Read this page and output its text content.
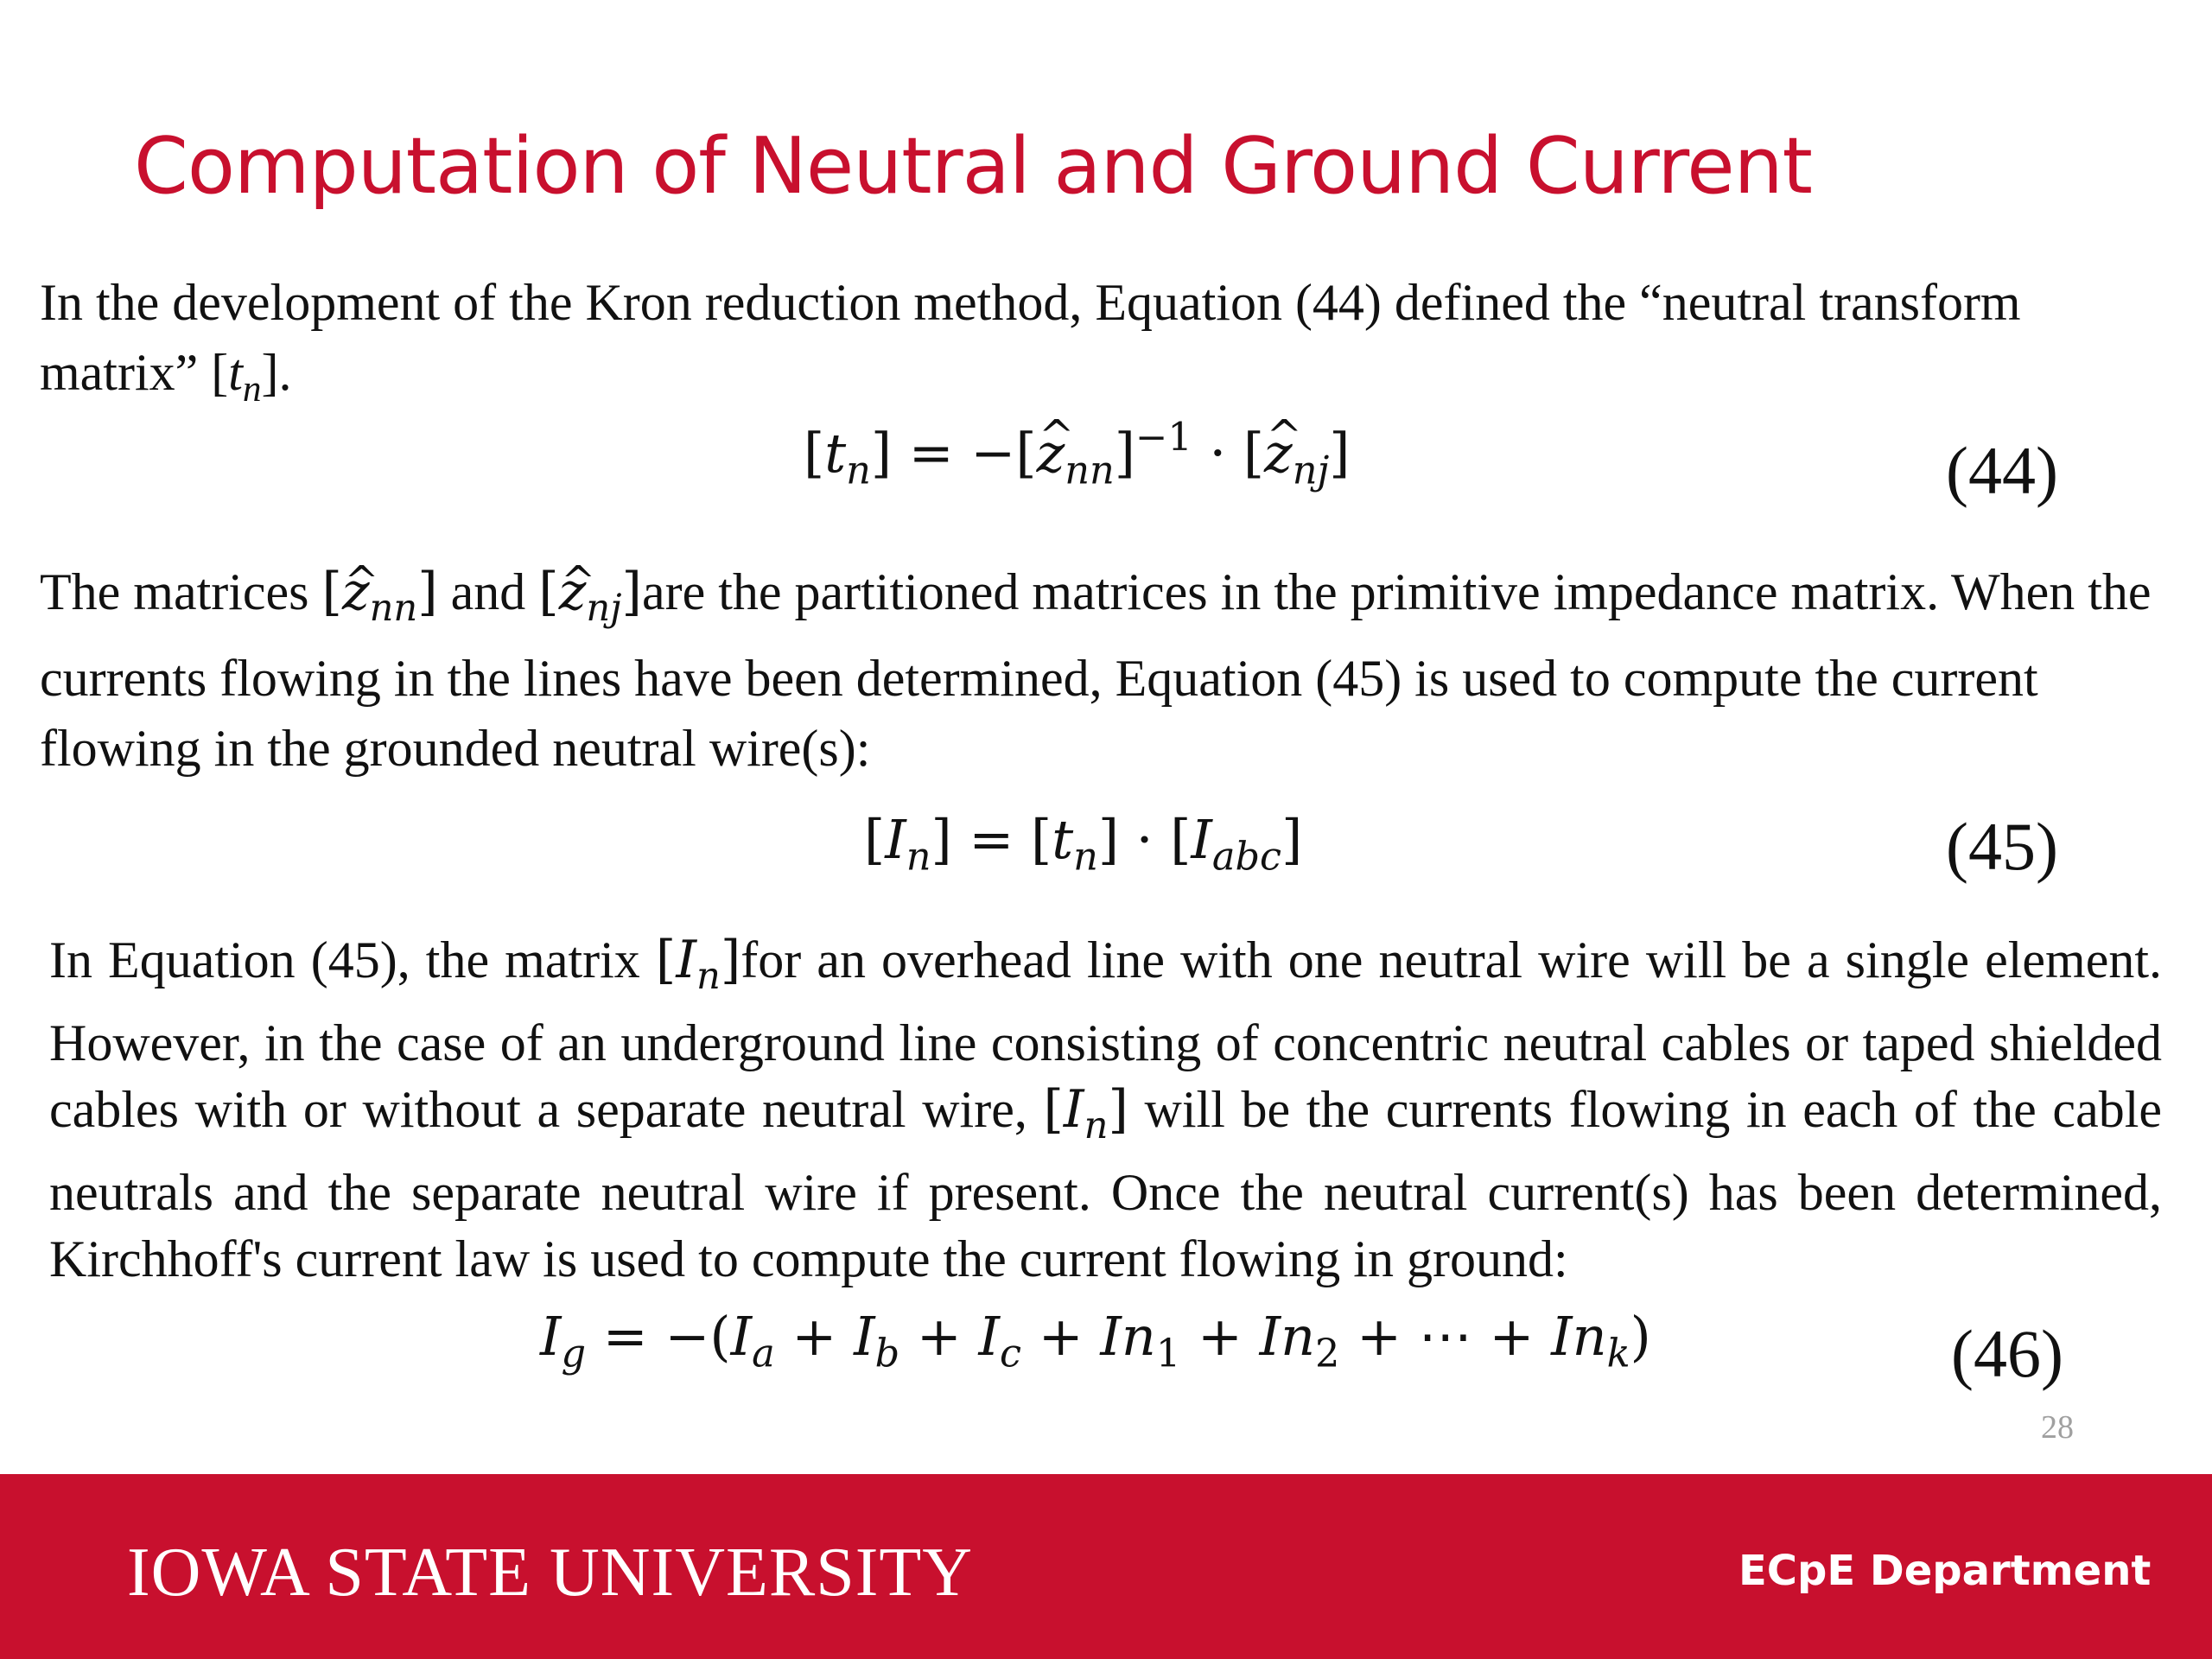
Computation of Neutral and Ground Current
In the development of the Kron reduction method, Equation (44) defined the “neutral transform matrix” $[t_n]$.
$[t_n] = -[z$ $\^{}_{nn}]^{-1} \cdot [z$ $\^{}_{nj}$]	(44)
The matrices [z $\^{}_{nn}$] and [z $\^{}_{nj}]are$ the partitioned matrices in the primitive impedance matrix. When the currents flowing in the lines have been determined, Equation (45) is used to compute the current flowing in the grounded neutral wire(s):
$[I_n] = [t_n] \cdot [I_{abc}]$	(45)
In Equation (45), the matrix $[I_n]for$ an overhead line with one neutral wire will be a single element. However, in the case of an underground line consisting of concentric neutral cables or taped shielded cables with or without a separate neutral wire, $[I_n]$ will be the currents flowing in each of the cable neutrals and the separate neutral wire if present. Once the neutral current(s) has been determined, Kirchhoff's current law is used to compute the current flowing in ground:
$I_g = -(I_a + I_b + I_c + In_1 + In_2$ + ⋯ + $In_k$)	(46)
28
IOWA STATE UNIVERSITY	ECpE Department
